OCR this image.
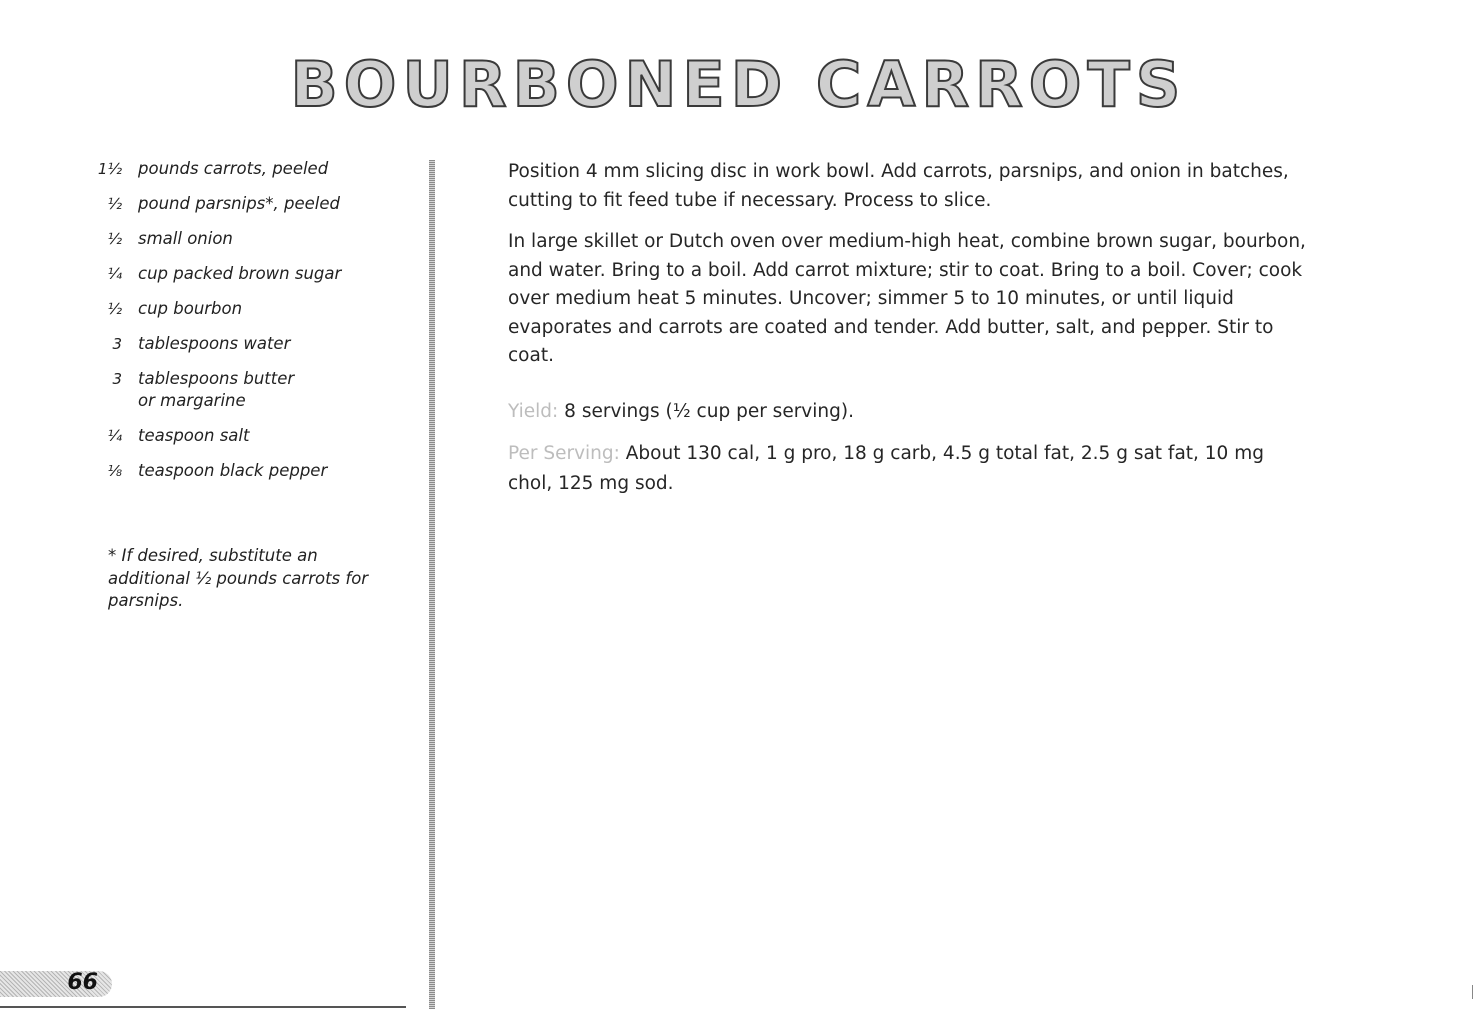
BOURBONED CARROTS
1½ pounds carrots, peeled
½ pound parsnips*, peeled
½ small onion
¼ cup packed brown sugar
½ cup bourbon
3 tablespoons water
3 tablespoons butter or margarine
¼ teaspoon salt
⅛ teaspoon black pepper
* If desired, substitute an additional ½ pounds carrots for parsnips.

Position 4 mm slicing disc in work bowl. Add carrots, parsnips, and onion in batches, cutting to fit feed tube if necessary. Process to slice.

In large skillet or Dutch oven over medium-high heat, combine brown sugar, bourbon, and water. Bring to a boil. Add carrot mixture; stir to coat. Bring to a boil. Cover; cook over medium heat 5 minutes. Uncover; simmer 5 to 10 minutes, or until liquid evaporates and carrots are coated and tender. Add butter, salt, and pepper. Stir to coat.

Yield: 8 servings (½ cup per serving).
Per Serving: About 130 cal, 1 g pro, 18 g carb, 4.5 g total fat, 2.5 g sat fat, 10 mg chol, 125 mg sod.
66
